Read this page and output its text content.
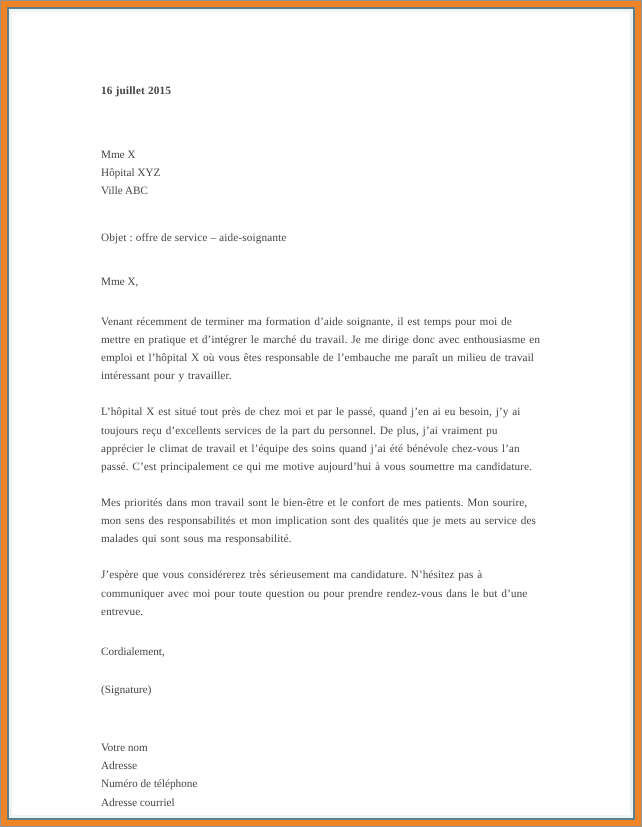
16 juillet 2015

Mme X
Hôpital XYZ
Ville ABC

Objet : offre de service – aide-soignante

Mme X,

Venant récemment de terminer ma formation d’aide soignante, il est temps pour moi de mettre en pratique et d’intégrer le marché du travail. Je me dirige donc avec enthousiasme en emploi et l’hôpital X où vous êtes responsable de l’embauche me paraît un milieu de travail intéressant pour y travailler.

L’hôpital X est situé tout près de chez moi et par le passé, quand j’en ai eu besoin, j’y ai toujours reçu d’excellents services de la part du personnel. De plus, j’ai vraiment pu apprécier le climat de travail et l’équipe des soins quand j’ai été bénévole chez-vous l’an passé. C’est principalement ce qui me motive aujourd’hui à vous soumettre ma candidature.

Mes priorités dans mon travail sont le bien-être et le confort de mes patients. Mon sourire, mon sens des responsabilités et mon implication sont des qualités que je mets au service des malades qui sont sous ma responsabilité.

J’espère que vous considérerez très sérieusement ma candidature. N’hésitez pas à communiquer avec moi pour toute question ou pour prendre rendez-vous dans le but d’une entrevue.

Cordialement,

(Signature)

Votre nom
Adresse
Numéro de téléphone
Adresse courriel
